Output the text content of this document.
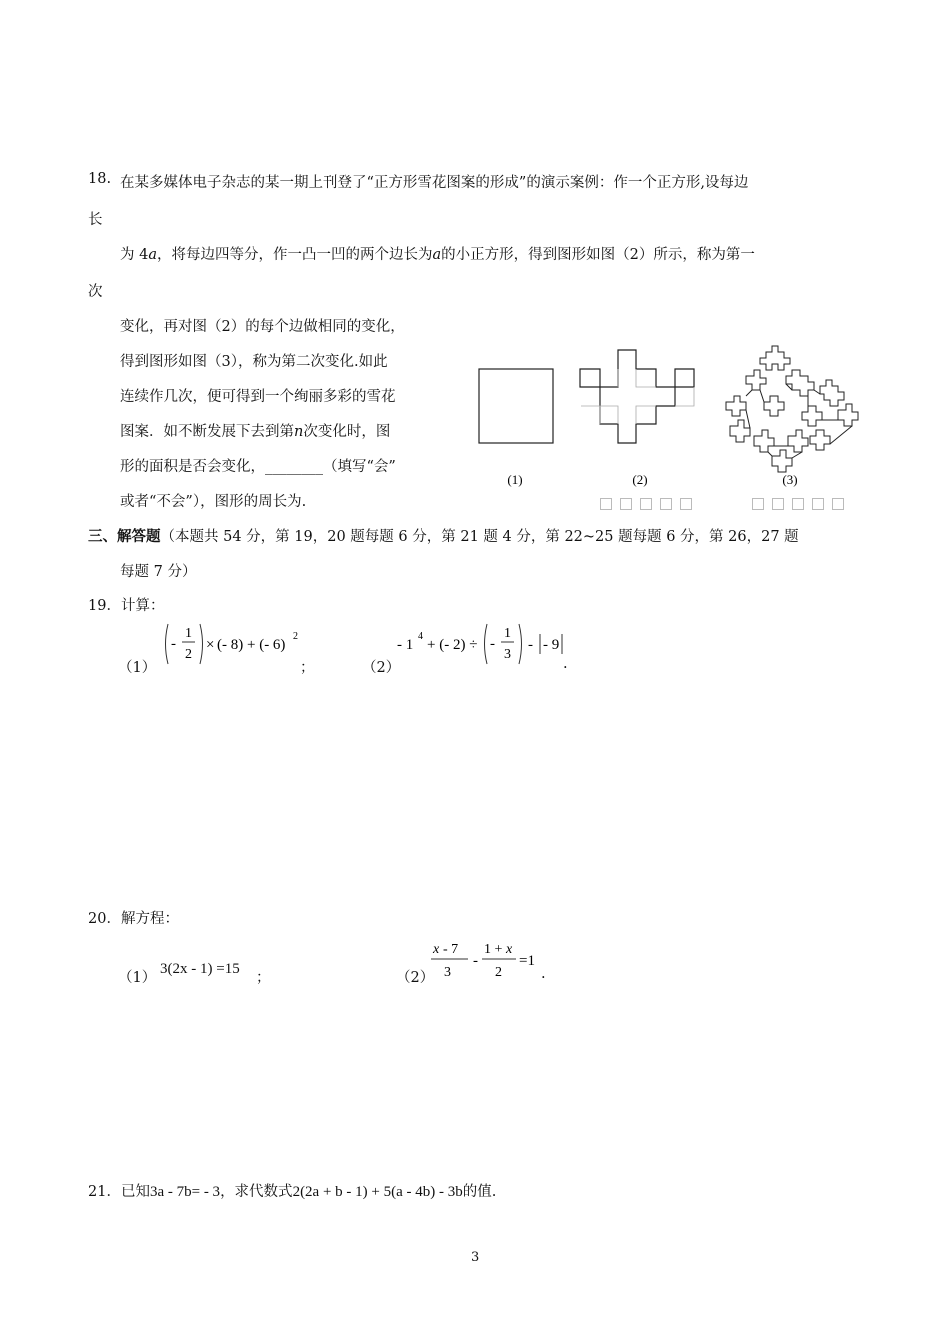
18. 在某多媒体电子杂志的某一期上刊登了“正方形雪花图案的形成”的演示案例：作一个正方形,设每边
长
为 4a，将每边四等分，作一凸一凹的两个边长为a的小正方形，得到图形如图（2）所示，称为第一
次
变化，再对图（2）的每个边做相同的变化，
得到图形如图（3），称为第二次变化.如此
连续作几次，便可得到一个绚丽多彩的雪花
图案．如不断发展下去到第n次变化时，图
形的面积是否会变化，________（填写“会”
或者“不会”），图形的周长为.
(1)	(2)	(3)
三、解答题（本题共 54 分，第 19，20 题每题 6 分，第 21 题 4 分，第 22~25 题每题 6 分，第 26，27 题
每题 7 分）
19．计算：
（1）
-
1
2
× (- 8) + (- 6)
2
；	（2）
- 1
4
+ (- 2) ÷ -
1
3
- - 9
.
20．解方程：
（1）
3(2x - 1) =15
；	（2）
x - 7
3
-
1 + x
2
=1
.
21．已知3a - 7b= - 3，求代数式2(2a + b - 1) + 5(a - 4b) - 3b的值.
3
